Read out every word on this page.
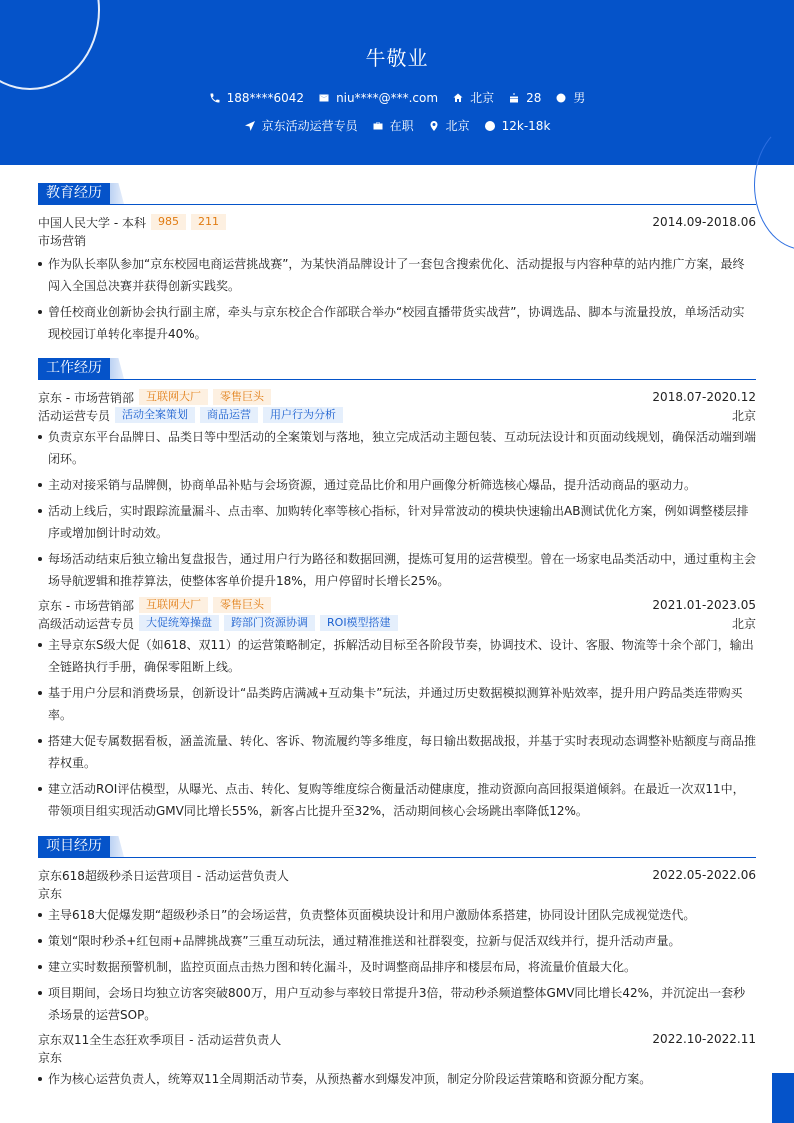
牛敬业
188****6042	niu****@***.com	北京	28	男
京东活动运营专员	在职	北京	12k-18k
教育经历
中国人民大学 - 本科	985	211	2014.09-2018.06
市场营销
作为队长率队参加“京东校园电商运营挑战赛”，为某快消品牌设计了一套包含搜索优化、活动提报与内容种草的站内推广方案，最终闯入全国总决赛并获得创新实践奖。
曾任校商业创新协会执行副主席，牵头与京东校企合作部联合举办“校园直播带货实战营”，协调选品、脚本与流量投放，单场活动实现校园订单转化率提升40%。
工作经历
京东 - 市场营销部	互联网大厂	零售巨头	2018.07-2020.12
活动运营专员	活动全案策划	商品运营	用户行为分析	北京
负责京东平台品牌日、品类日等中型活动的全案策划与落地，独立完成活动主题包装、互动玩法设计和页面动线规划，确保活动端到端闭环。
主动对接采销与品牌侧，协商单品补贴与会场资源，通过竞品比价和用户画像分析筛选核心爆品，提升活动商品的驱动力。
活动上线后，实时跟踪流量漏斗、点击率、加购转化率等核心指标，针对异常波动的模块快速输出AB测试优化方案，例如调整楼层排序或增加倒计时动效。
每场活动结束后独立输出复盘报告，通过用户行为路径和数据回溯，提炼可复用的运营模型。曾在一场家电品类活动中，通过重构主会场导航逻辑和推荐算法，使整体客单价提升18%，用户停留时长增长25%。
京东 - 市场营销部	互联网大厂	零售巨头	2021.01-2023.05
高级活动运营专员	大促统筹操盘	跨部门资源协调	ROI模型搭建	北京
主导京东S级大促（如618、双11）的运营策略制定，拆解活动目标至各阶段节奏，协调技术、设计、客服、物流等十余个部门，输出全链路执行手册，确保零阻断上线。
基于用户分层和消费场景，创新设计“品类跨店满减+互动集卡”玩法，并通过历史数据模拟测算补贴效率，提升用户跨品类连带购买率。
搭建大促专属数据看板，涵盖流量、转化、客诉、物流履约等多维度，每日输出数据战报，并基于实时表现动态调整补贴额度与商品推荐权重。
建立活动ROI评估模型，从曝光、点击、转化、复购等维度综合衡量活动健康度，推动资源向高回报渠道倾斜。在最近一次双11中，带领项目组实现活动GMV同比增长55%，新客占比提升至32%，活动期间核心会场跳出率降低12%。
项目经历
京东618超级秒杀日运营项目 - 活动运营负责人	2022.05-2022.06
京东
主导618大促爆发期“超级秒杀日”的会场运营，负责整体页面模块设计和用户激励体系搭建，协同设计团队完成视觉迭代。
策划“限时秒杀+红包雨+品牌挑战赛”三重互动玩法，通过精准推送和社群裂变，拉新与促活双线并行，提升活动声量。
建立实时数据预警机制，监控页面点击热力图和转化漏斗，及时调整商品排序和楼层布局，将流量价值最大化。
项目期间，会场日均独立访客突破800万，用户互动参与率较日常提升3倍，带动秒杀频道整体GMV同比增长42%，并沉淀出一套秒杀场景的运营SOP。
京东双11全生态狂欢季项目 - 活动运营负责人	2022.10-2022.11
京东
作为核心运营负责人，统筹双11全周期活动节奏，从预热蓄水到爆发冲顶，制定分阶段运营策略和资源分配方案。
